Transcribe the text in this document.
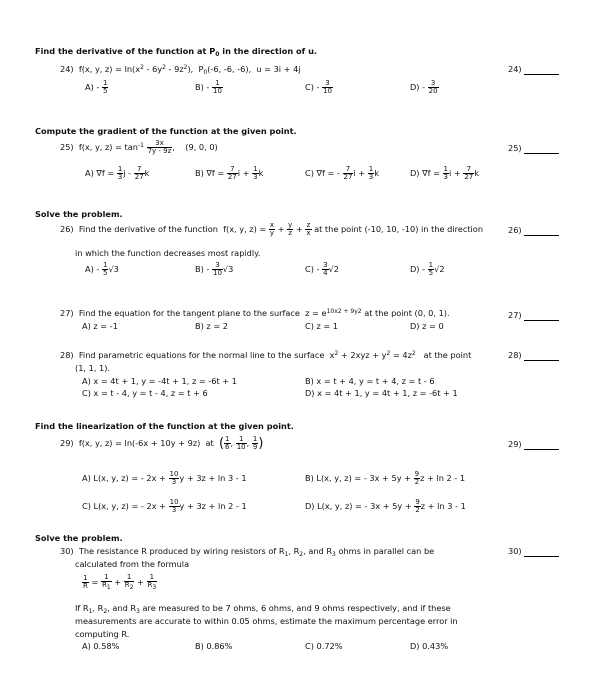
Find the derivative of the function at $P_0$ in the direction of u.
24)  f(x, y, $z) = \ln(x^2 - 6y^2 - 9z^2)$,  $P_0(-6$, -6, -6),  u = 3i + 4j	24)
$A) - \frac{1}{5}$	$B) - \frac{1}{10}$	$C) - \frac{3}{10}$	$D) - \frac{3}{20}$
Compute the gradient of the function at the given point.
25)  f(x, y, $z) = \tan^{-1} \frac{3x}{7y - 9z}$ ,    (9, 0, 0)	25)
A) $\nabla f = \frac{1}{3}$ j - $\frac{7}{27}$ k	B) $\nabla f = \frac{7}{27}$ $i + \frac{1}{3}$ k	C) ∇f = - $\frac{7}{27}$ $i + \frac{1}{3}$ k	D) $\nabla f = \frac{1}{3}$ $i + \frac{7}{27}$ k
Solve the problem.
26)  Find the derivative of the function  f(x, y, $z) = \frac{x}{y} + \frac{y}{z} + \frac{z}{x}$ at the point (-10, 10, -10) in the direction	26)
in which the function decreases most rapidly.
$A) - \frac{1}{5} √3$	$B) - \frac{3}{10} √3$	$C) - \frac{3}{4} √2$	$D) - \frac{1}{5} √2$
27)  Find the equation for the tangent plane to the surface  $z = e^{10x2 + 9y2}$ at the point (0, 0, 1).	27)
A) z = -1	B) z = 2	C) z = 1	D) z = 0
28)  Find parametric equations for the normal line to the surface  $x^2 + 2xyz + y^2 = 4z^2$   at the point	28)
(1, 1, 1).
A) x = 4t + 1, y = -4t + 1, z = -6t + 1	B) x = t + 4, y = t + 4, z = t - 6
C) x = t - 4, y = t - 4, z = t + 6	D) x = 4t + 1, y = 4t + 1, z = -6t + 1
Find the linearization of the function at the given point.
29)  f(x, y, z) = ln(-6x + 10y + 9z)  at  ( $\frac{1}{6}$ , $\frac{1}{10}$ , $\frac{1}{9}$ )	29)
A) L(x, y, z) = - $2x + \frac{10}{3}$ y + 3z + ln 3 - 1	B) L(x, y, z) = - $3x + 5y + \frac{9}{2}$ z + ln 2 - 1
C) L(x, y, z) = - $2x + \frac{10}{3}$ y + 3z + ln 2 - 1	D) L(x, y, z) = - $3x + 5y + \frac{9}{2}$ z + ln 3 - 1
Solve the problem.
30)  The resistance R produced by wiring resistors of $R_1$, $R_2$, and $R_3$ ohms in parallel can be	30)
calculated from the formula
$\frac{1}{R} = \frac{1}{R_1} + \frac{1}{R_2} + \frac{1}{R_3}$
If $R_1$, $R_2$, and $R_3$ are measured to be 7 ohms, 6 ohms, and 9 ohms respectively, and if these
measurements are accurate to within 0.05 ohms, estimate the maximum percentage error in
computing R.
A) 0.58%	B) 0.86%	C) 0.72%	D) 0.43%
